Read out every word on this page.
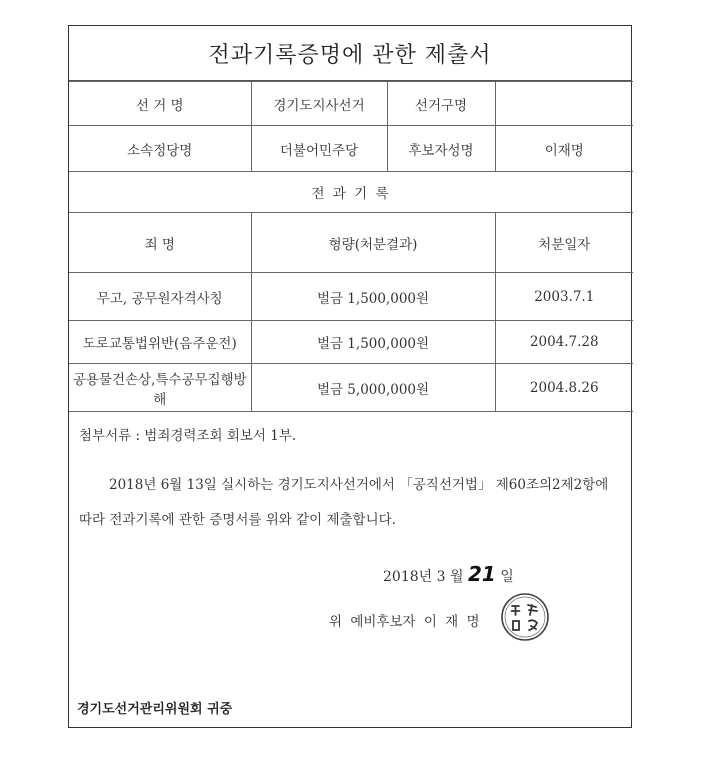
전과기록증명에 관한 제출서
선 거 명	경기도지사선거	선거구명	
소속정당명	더불어민주당	후보자성명	이재명
전 과 기 록			
죄 명	형량(처분결과)		처분일자
무고, 공무원자격사칭	벌금 1,500,000원		2003.7.1
도로교통법위반(음주운전)	벌금 1,500,000원		2004.7.28
공용물건손상,특수공무집행방해	벌금 5,000,000원		2004.8.26
첨부서류 : 범죄경력조회 회보서 1부.
2018년 6월 13일 실시하는 경기도지사선거에서 「공직선거법」 제60조의2제2항에 따라 전과기록에 관한 증명서를 위와 같이 제출합니다.
2018년 3 월 21 일
위 예비후보자 이 재 명
경기도선거관리위원회 귀중
